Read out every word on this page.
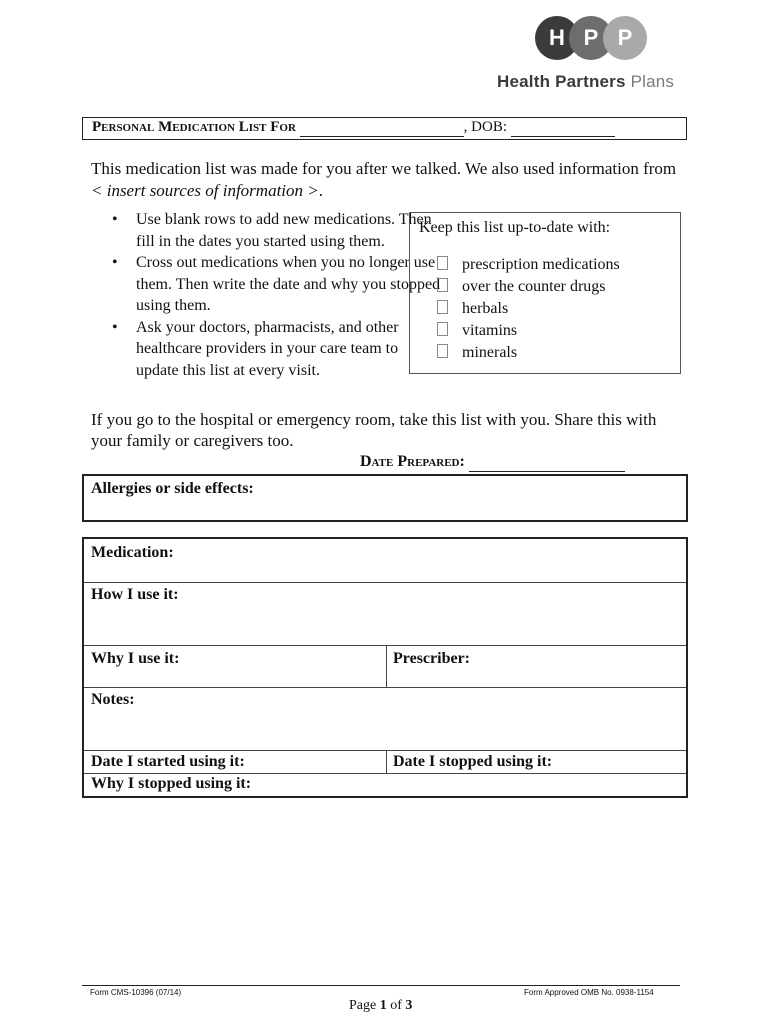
H P P
Health Partners Plans
Personal Medication List For	, DOB:
This medication list was made for you after we talked. We also used information from < insert sources of information >.
• Use blank rows to add new medications. Then fill in the dates you started using them.
• Cross out medications when you no longer use them. Then write the date and why you stopped using them.
• Ask your doctors, pharmacists, and other healthcare providers in your care team to update this list at every visit.
Keep this list up-to-date with:
prescription medications
over the counter drugs
herbals
vitamins
minerals
If you go to the hospital or emergency room, take this list with you. Share this with your family or caregivers too.
Date Prepared:
Allergies or side effects:
Medication:
How I use it:
Why I use it:	Prescriber:
Notes:
Date I started using it:	Date I stopped using it:
Why I stopped using it:
Form CMS-10396 (07/14)	Form Approved OMB No. 0938-1154
Page 1 of 3
